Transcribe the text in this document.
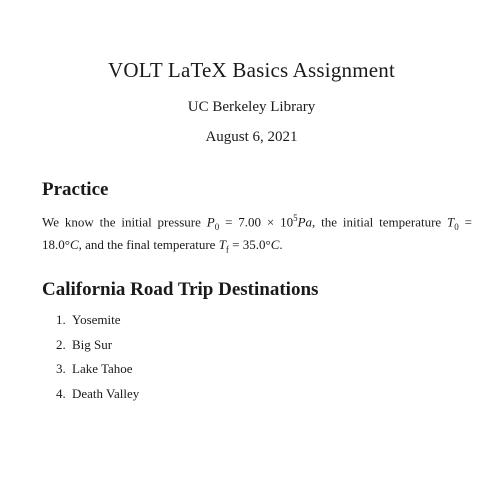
VOLT LaTeX Basics Assignment
UC Berkeley Library
August 6, 2021
Practice
We know the initial pressure $P_0 = 7.00 \times 10^5Pa$, the initial temperature $T_0 = 18.0^\circ C$, and the final temperature $T_f = 35.0^\circ C$.
California Road Trip Destinations
1. Yosemite
2. Big Sur
3. Lake Tahoe
4. Death Valley
